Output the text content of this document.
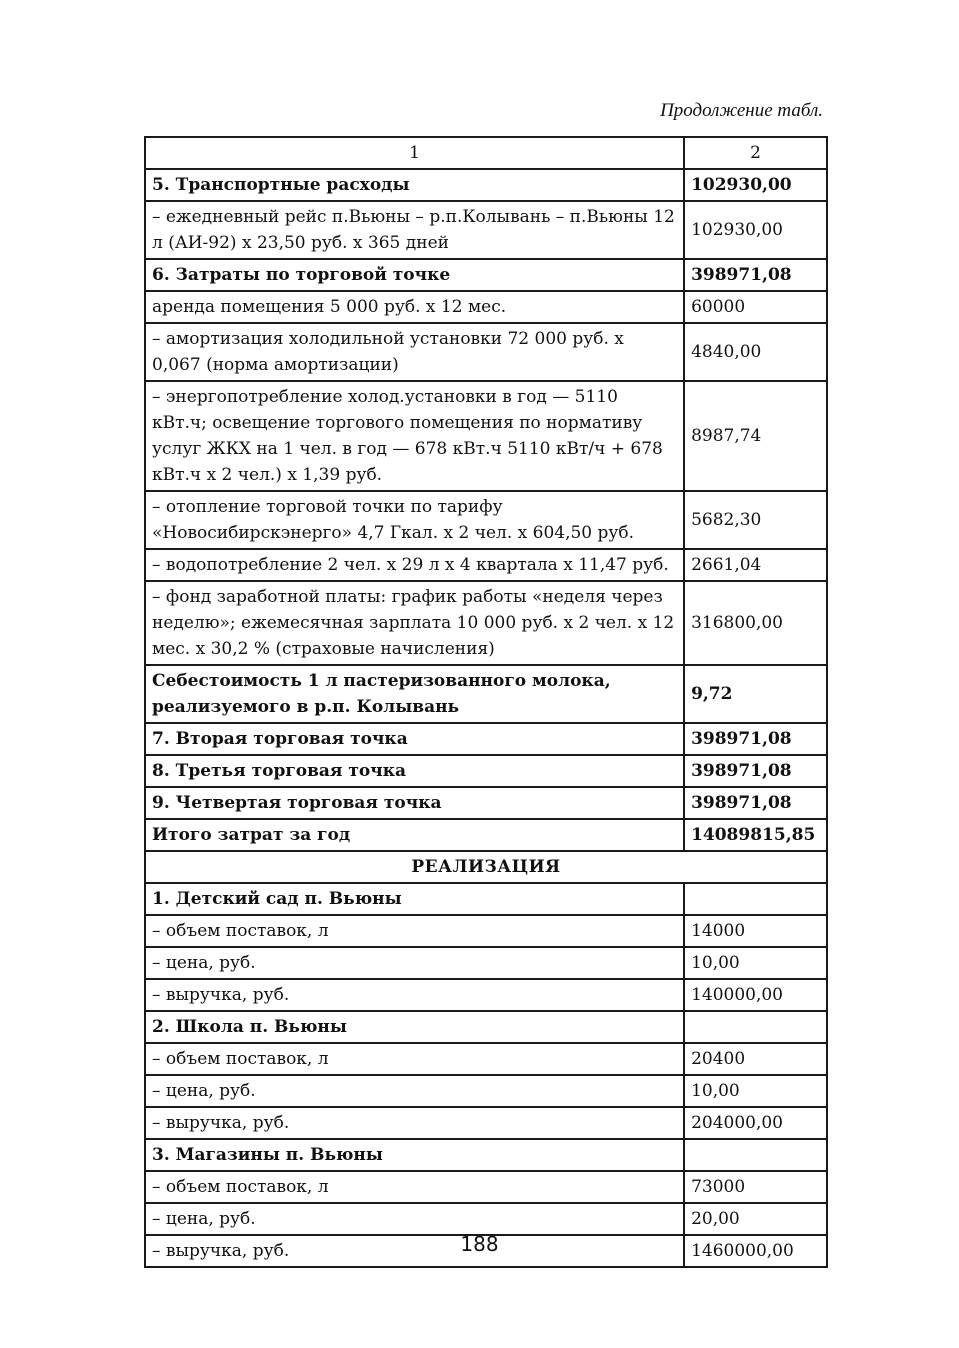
Продолжение табл.
1	2
5. Транспортные расходы	102930,00
– ежедневный рейс п.Вьюны – р.п.Колывань – п.Вьюны 12 л (АИ-92) х 23,50 руб. х 365 дней	102930,00
6. Затраты по торговой точке	398971,08
аренда помещения 5 000 руб. х 12 мес.	60000
– амортизация холодильной установки 72 000 руб. х 0,067 (норма амортизации)	4840,00
– энергопотребление холод.установки в год — 5110 кВт.ч; освещение торгового помещения по нормативу услуг ЖКХ на 1 чел. в год — 678 кВт.ч 5110 кВт/ч + 678 кВт.ч х 2 чел.) х 1,39 руб.	8987,74
– отопление торговой точки по тарифу «Новосибирскэнерго» 4,7 Гкал. х 2 чел. х 604,50 руб.	5682,30
– водопотребление 2 чел. х 29 л х 4 квартала х 11,47 руб.	2661,04
– фонд заработной платы: график работы «неделя через неделю»; ежемесячная зарплата 10 000 руб. х 2 чел. х 12 мес. х 30,2 % (страховые начисления)	316800,00
Себестоимость 1 л пастеризованного молока, реализуемого в р.п. Колывань	9,72
7. Вторая торговая точка	398971,08
8. Третья торговая точка	398971,08
9. Четвертая торговая точка	398971,08
Итого затрат за год	14089815,85
РЕАЛИЗАЦИЯ	
1. Детский сад п. Вьюны	
– объем поставок, л	14000
– цена, руб.	10,00
– выручка, руб.	140000,00
2. Школа п. Вьюны	
– объем поставок, л	20400
– цена, руб.	10,00
– выручка, руб.	204000,00
3. Магазины п. Вьюны	
– объем поставок, л	73000
– цена, руб.	20,00
– выручка, руб.	1460000,00
188
